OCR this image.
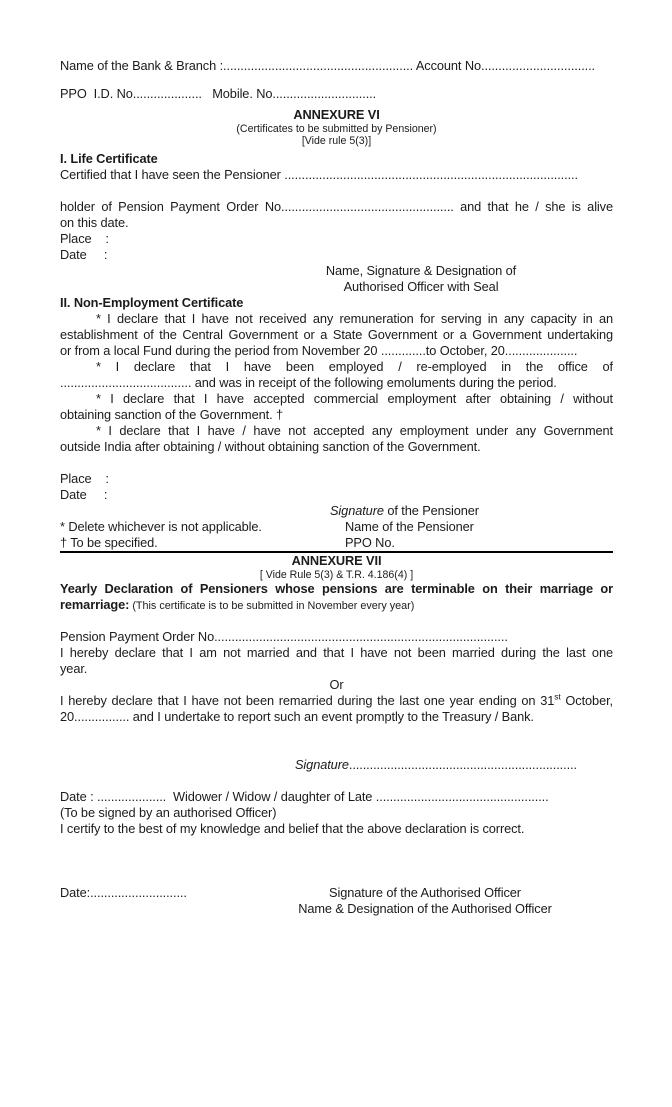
Name of the Bank & Branch :....................................................... Account No.................................
PPO  I.D. No....................   Mobile. No..............................
ANNEXURE VI
(Certificates to be submitted by Pensioner)
[Vide rule 5(3)]
I. Life Certificate
Certified that I have seen the Pensioner .....................................................................................
holder of Pension Payment Order No.................................................. and that he / she is alive
on this date.
Place    :
Date     :
Name, Signature & Designation of
Authorised Officer with Seal
II. Non-Employment Certificate
* I declare that I have not received any remuneration for serving in any capacity in an
establishment of the Central Government or a State Government or a Government undertaking
or from a local Fund during the period from November 20 .............to October, 20.....................
* I declare that I have been employed / re-employed in the office of
...................................... and was in receipt of the following emoluments during the period.
* I declare that I have accepted commercial employment after obtaining / without
obtaining sanction of the Government. †
* I declare that I have / have not accepted any employment under any Government
outside India after obtaining / without obtaining sanction of the Government.
Place    :
Date     :
Signature of the Pensioner
* Delete whichever is not applicable.	Name of the Pensioner
† To be specified.	PPO No.
ANNEXURE VII
[ Vide Rule 5(3) & T.R. 4.186(4) ]
Yearly Declaration of Pensioners whose pensions are terminable on their marriage or
remarriage: (This certificate is to be submitted in November every year)
Pension Payment Order No.....................................................................................
I hereby declare that I am not married and that I have not been married during the last one
year.
Or
I hereby declare that I have not been remarried during the last one year ending on 31st October,
20................ and I undertake to report such an event promptly to the Treasury / Bank.
Signature..................................................................
Date : ....................  Widower / Widow / daughter of Late ..................................................
(To be signed by an authorised Officer)
I certify to the best of my knowledge and belief that the above declaration is correct.
Date:............................	Signature of the Authorised Officer
Name & Designation of the Authorised Officer
